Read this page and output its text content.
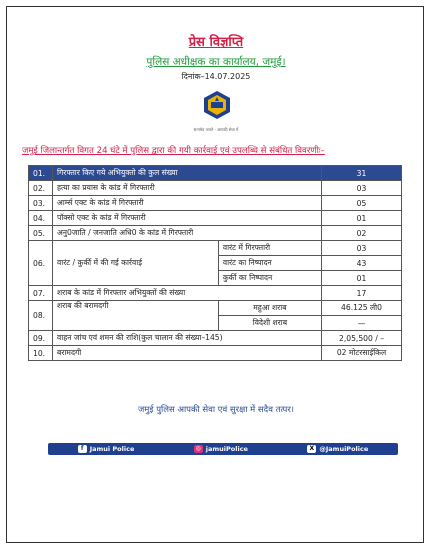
प्रेस विज्ञप्ति
पुलिस अधीक्षक का कार्यालय, जमुई।
दिनांक–14.07.2025
सत्यमेव जयते · आपकी सेवा में
जमुई जिलान्तर्गत विगत 24 घंटे में पुलिस द्वारा की गयी कार्रवाई एवं उपलब्धि से संबंधित विवरणीः–
01.	गिरफ्तार किए गये अभियुक्तो की कुल संख्या		31
02.	हत्या का प्रयास के कांड में गिरफ्तारी		03
03.	आर्म्स एक्ट के कांड में गिरफ्तारी		05
04.	पॉक्सो एक्ट के कांड में गिरफ्तारी		01
05.	अनु0जाति / जनजाति अधि0 के कांड में गिरफ्तारी		02
06.	वारंट / कुर्की में की गई कार्रवाई	वारंट में गिरफ्तारी	03
		वारंट का निष्पादन	43
		कुर्की का निष्पादन	01
07.	शराब के कांड में गिरफ्तार अभियुक्तों की संख्या		17
08.	शराब की बरामदगी	महुआ शराब	46.125 ली0
		विदेशी शराब	—
09.	वाहन जांच एवं शमन की राशि(कुल चालान की संख्या–145)		2,05,500 / –
10.	बरामदगी		02 मोटरसाईकिल
जमुई पुलिस आपकी सेवा एवं सुरक्षा में सदैव तत्पर।
f Jamui Police	◎ jamuiPolice	X @JamuiPolice
